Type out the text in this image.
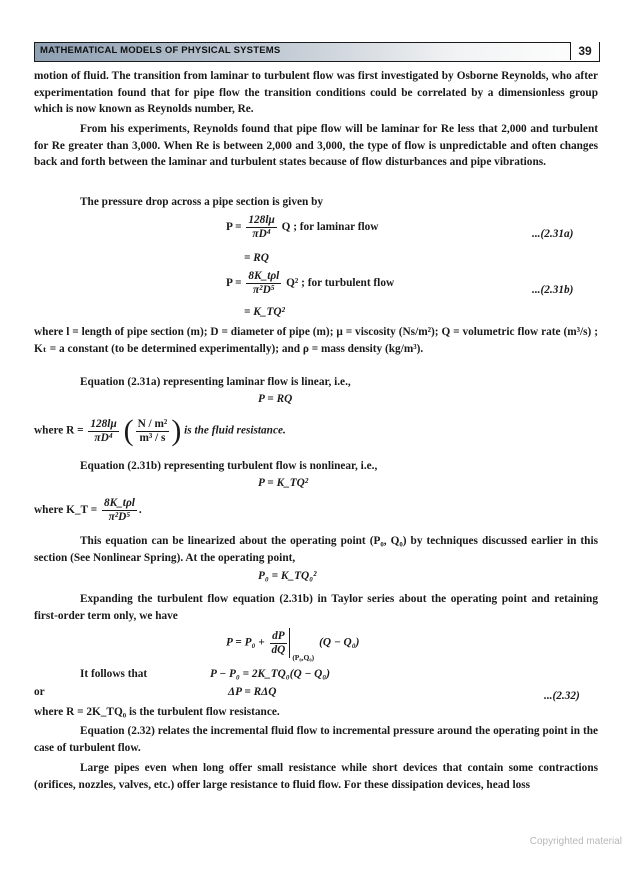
MATHEMATICAL MODELS OF PHYSICAL SYSTEMS	39

motion of fluid. The transition from laminar to turbulent flow was first investigated by Osborne Reynolds, who after experimentation found that for pipe flow the transition conditions could be correlated by a dimensionless group which is now known as Reynolds number, Re.

From his experiments, Reynolds found that pipe flow will be laminar for Re less that 2,000 and turbulent for Re greater than 3,000. When Re is between 2,000 and 3,000, the type of flow is unpredictable and often changes back and forth between the laminar and turbulent states because of flow disturbances and pipe vibrations.

The pressure drop across a pipe section is given by

$P = \frac{128l\mu}{\text{πD⁴}}$ Q ; for laminar flow
...(2.31a)
= RQ
$P = \frac{\text{8K\_tρl}}{\text{π²D⁵}} Q^2$ ; for turbulent flow
...(2.31b)
= K_TQ²

where l = length of pipe section (m); D = diameter of pipe (m); μ = viscosity (Ns/m²); Q = volumetric flow rate (m³/s) ; Kₜ = a constant (to be determined experimentally); and ρ = mass density (kg/m³).

Equation (2.31a) representing laminar flow is linear, i.e.,

P = RQ
where $R = \frac{128l\mu}{\text{πD⁴}}$ ( $\frac{\text{N / m²}}{\text{m³ / s}}$ ) is the fluid resistance.

Equation (2.31b) representing turbulent flow is nonlinear, i.e.,

P = K_TQ²
where K_T = $\frac{\text{8K\_tρl}}{\text{π²D⁵}}$ .

This equation can be linearized about the operating point (P₀, Q₀) by techniques discussed earlier in this section (See Nonlinear Spring). At the operating point,

P₀ = K_TQ₀²

Expanding the turbulent flow equation (2.31b) in Taylor series about the operating point and retaining first-order term only, we have

$P = P_0 + \frac{dP}{dQ}$
(P₀,Q₀)
(Q − Q₀)
It follows that	P − P₀ = 2K_TQ₀(Q − Q₀)
or	ΔP = RΔQ	...(2.32)

where R = 2K_TQ₀ is the turbulent flow resistance.

Equation (2.32) relates the incremental fluid flow to incremental pressure around the operating point in the case of turbulent flow.

Large pipes even when long offer small resistance while short devices that contain some contractions (orifices, nozzles, valves, etc.) offer large resistance to fluid flow. For these dissipation devices, head loss

Copyrighted material
